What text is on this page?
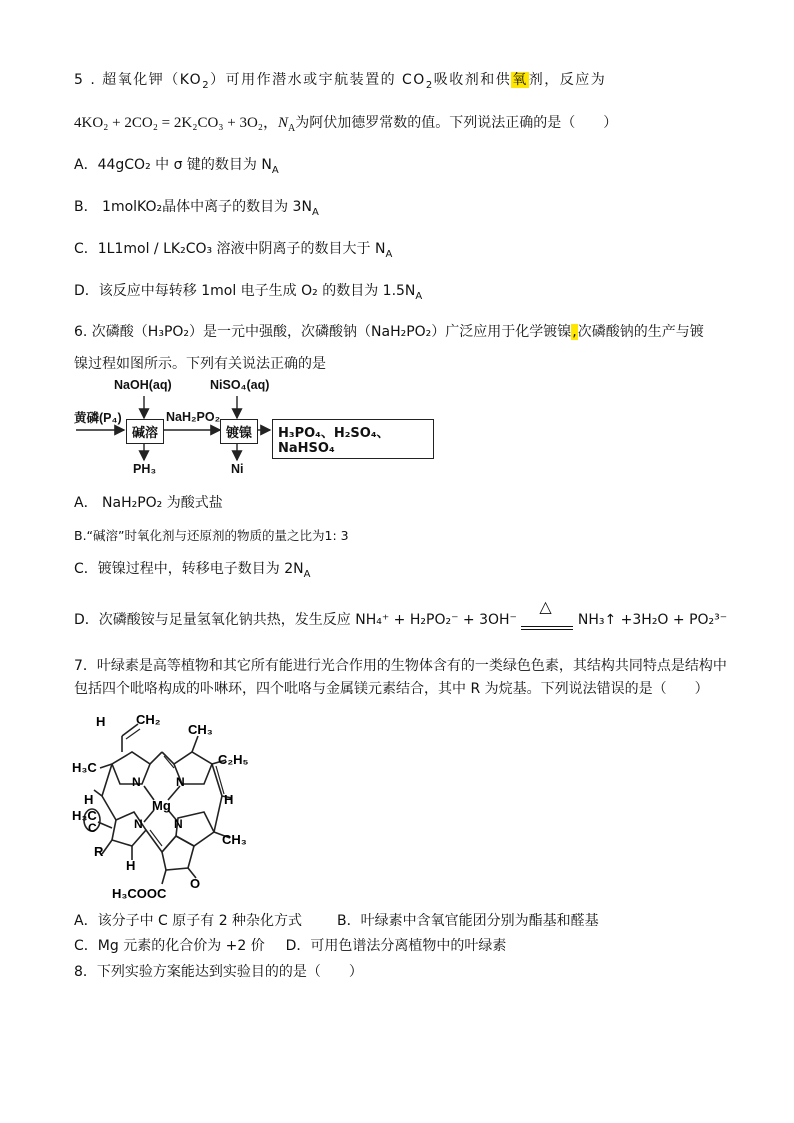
5 . 超氧化钾$(KO_2)$可用作潜水或宇航装置的 $CO_2$吸收剂和供氧剂，反应为
4KO₂ + 2CO₂ = 2K₂CO₃ + 3O₂，$N_A$为阿伏加德罗常数的值。下列说法正确的是（　　）
A．44gCO₂ 中 σ 键的数目为 $N_A$
B． 1molKO₂晶体中离子的数目为 $3N_A$
C．1L1mol / LK₂CO₃ 溶液中阴离子的数目大于 $N_A$
D．该反应中每转移 1mol 电子生成 O₂ 的数目为 $1.5N_A$
6. 次磷酸（H₃PO₂）是一元中强酸，次磷酸钠（NaH₂PO₂）广泛应用于化学镀镍,次磷酸钠的生产与镀
镍过程如图所示。下列有关说法正确的是
黄磷(P₄)
NaOH(aq)
碱溶
NaH₂PO₂
NiSO₄(aq)
镀镍
PH₃	Ni
H₃PO₄、H₂SO₄、NaHSO₄
A． NaH₂PO₂ 为酸式盐
B.“碱溶”时氧化剂与还原剂的物质的量之比为1: 3
C．镀镍过程中，转移电子数目为 $2N_A$
D．次磷酸铵与足量氢氧化钠共热，发生反应 NH₄⁺ + H₂PO₂⁻ + 3OH⁻
△
NH₃↑ +3H₂O + PO₂³⁻
7．叶绿素是高等植物和其它所有能进行光合作用的生物体含有的一类绿色色素，其结构共同特点是结构中
包括四个吡咯构成的卟啉环，四个吡咯与金属镁元素结合，其中 R 为烷基。下列说法错误的是（　　）
H CH₂
CH₃
C₂H₅
H₃C
N	N
Mg
N	N
H	H
H₃C
C
CH₃
R
H
O
H₃COOC
A．该分子中 C 原子有 2 种杂化方式 B．叶绿素中含氧官能团分别为酯基和醛基
C．Mg 元素的化合价为 +2 价 D．可用色谱法分离植物中的叶绿素
8．下列实验方案能达到实验目的的是（　　）
